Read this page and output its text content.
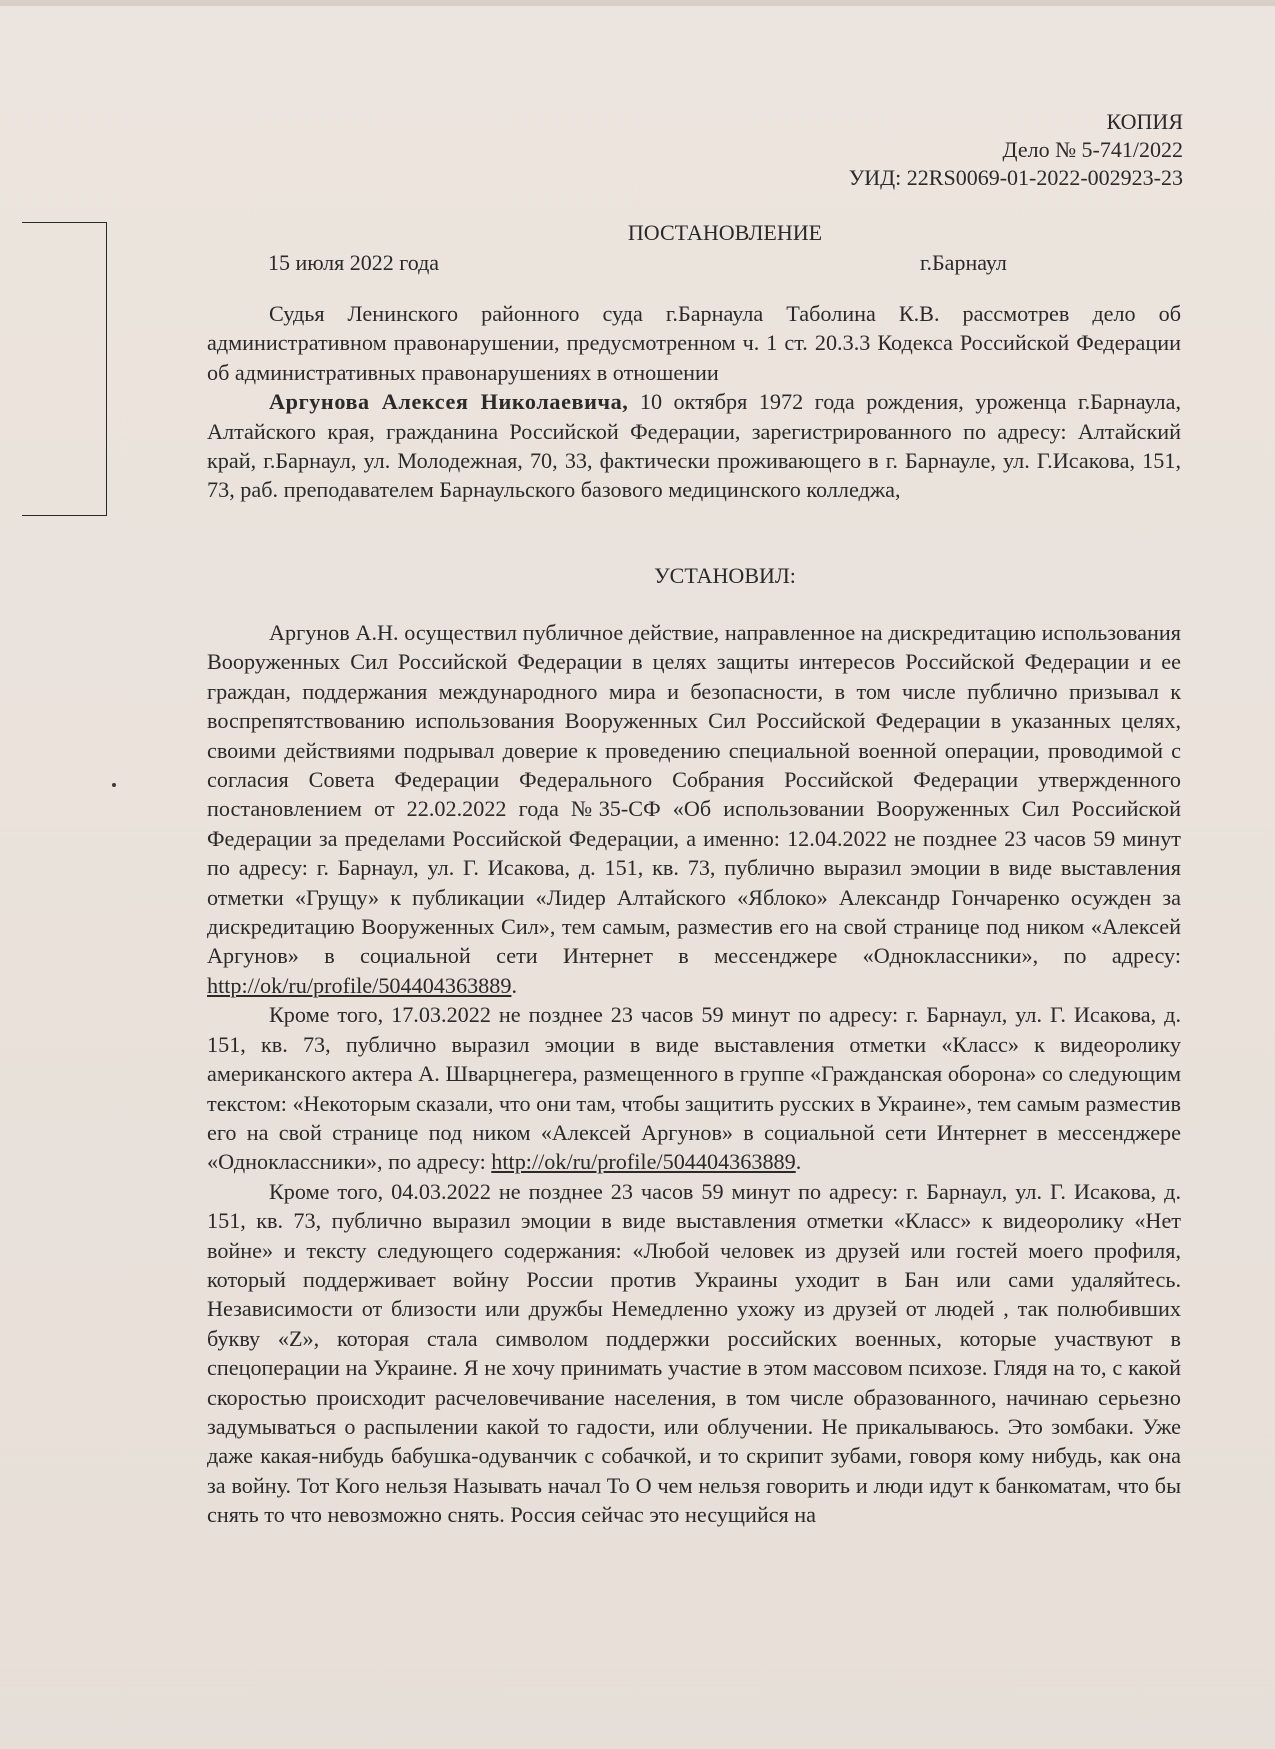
КОПИЯ
Дело № 5-741/2022
УИД: 22RS0069-01-2022-002923-23
ПОСТАНОВЛЕНИЕ
15 июля 2022 года	г.Барнаул

Судья Ленинского районного суда г.Барнаула Таболина К.В. рассмотрев дело об административном правонарушении, предусмотренном ч. 1 ст. 20.3.3 Кодекса Российской Федерации об административных правонарушениях в отношении

Аргунова Алексея Николаевича, 10 октября 1972 года рождения, уроженца г.Барнаула, Алтайского края, гражданина Российской Федерации, зарегистрированного по адресу: Алтайский край, г.Барнаул, ул. Молодежная, 70, 33, фактически проживающего в г. Барнауле, ул. Г.Исакова, 151, 73, раб. преподавателем Барнаульского базового медицинского колледжа,

УСТАНОВИЛ:

Аргунов А.Н. осуществил публичное действие, направленное на дискредитацию использования Вооруженных Сил Российской Федерации в целях защиты интересов Российской Федерации и ее граждан, поддержания международного мира и безопасности, в том числе публично призывал к воспрепятствованию использования Вооруженных Сил Российской Федерации в указанных целях, своими действиями подрывал доверие к проведению специальной военной операции, проводимой с согласия Совета Федерации Федерального Собрания Российской Федерации утвержденного постановлением от 22.02.2022 года №35-СФ «Об использовании Вооруженных Сил Российской Федерации за пределами Российской Федерации, а именно: 12.04.2022 не позднее 23 часов 59 минут по адресу: г. Барнаул, ул. Г. Исакова, д. 151, кв. 73, публично выразил эмоции в виде выставления отметки «Грущу» к публикации «Лидер Алтайского «Яблоко» Александр Гончаренко осужден за дискредитацию Вооруженных Сил», тем самым, разместив его на свой странице под ником «Алексей Аргунов» в социальной сети Интернет в мессенджере «Одноклассники», по адресу: http://ok/ru/profile/504404363889.

Кроме того, 17.03.2022 не позднее 23 часов 59 минут по адресу: г. Барнаул, ул. Г. Исакова, д. 151, кв. 73, публично выразил эмоции в виде выставления отметки «Класс» к видеоролику американского актера А. Шварцнегера, размещенного в группе «Гражданская оборона» со следующим текстом: «Некоторым сказали, что они там, чтобы защитить русских в Украине», тем самым разместив его на свой странице под ником «Алексей Аргунов» в социальной сети Интернет в мессенджере «Одноклассники», по адресу: http://ok/ru/profile/504404363889.

Кроме того, 04.03.2022 не позднее 23 часов 59 минут по адресу: г. Барнаул, ул. Г. Исакова, д. 151, кв. 73, публично выразил эмоции в виде выставления отметки «Класс» к видеоролику «Нет войне» и тексту следующего содержания: «Любой человек из друзей или гостей моего профиля, который поддерживает войну России против Украины уходит в Бан или сами удаляйтесь. Независимости от близости или дружбы Немедленно ухожу из друзей от людей , так полюбивших букву «Z», которая стала символом поддержки российских военных, которые участвуют в спецоперации на Украине. Я не хочу принимать участие в этом массовом психозе. Глядя на то, с какой скоростью происходит расчеловечивание населения, в том числе образованного, начинаю серьезно задумываться о распылении какой то гадости, или облучении. Не прикалываюсь. Это зомбаки. Уже даже какая-нибудь бабушка-одуванчик с собачкой, и то скрипит зубами, говоря кому нибудь, как она за войну. Тот Кого нельзя Называть начал То О чем нельзя говорить и люди идут к банкоматам, что бы снять то что невозможно снять. Россия сейчас это несущийся на
